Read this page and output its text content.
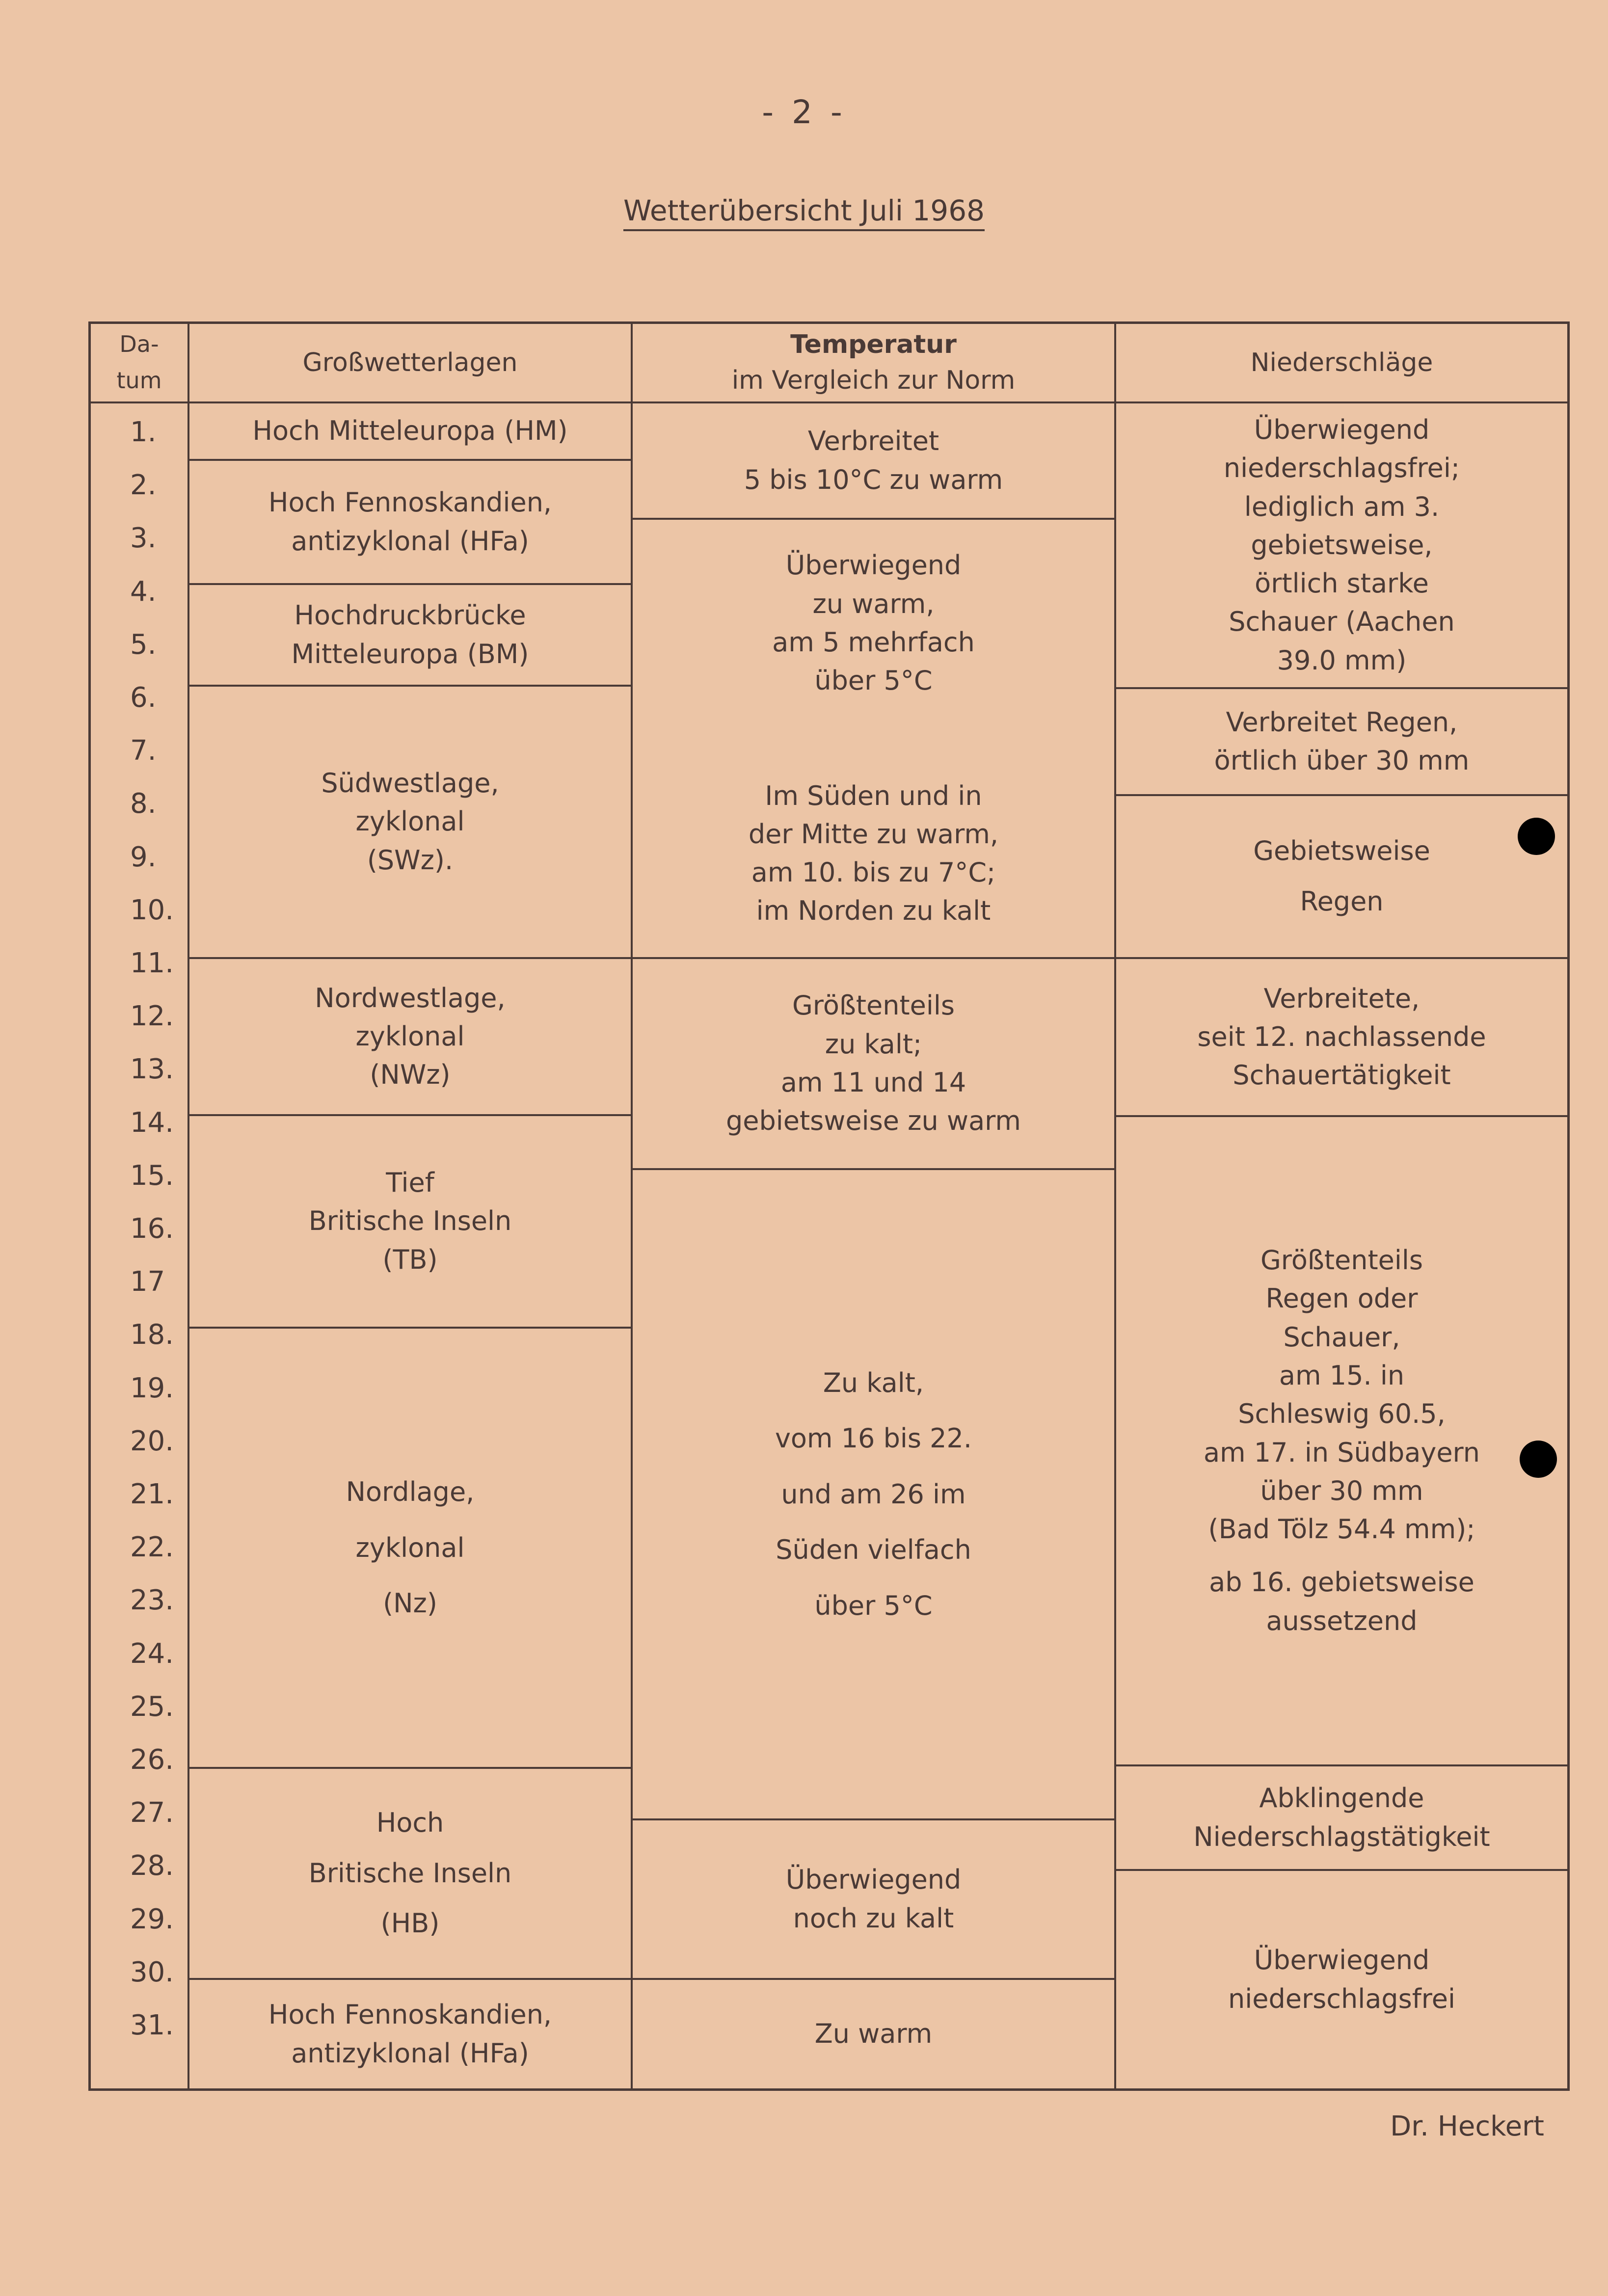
- 2 -
Wetterübersicht Juli 1968
Da-
tum
Großwetterlagen
Temperatur
im Vergleich zur Norm
Niederschläge
1.
2.
3.
4.
5.
6.
7.
8.
9.
10.
11.
12.
13.
14.
15.
16.
17
18.
19.
20.
21.
22.
23.
24.
25.
26.
27.
28.
29.
30.
31.
Hoch Mitteleuropa (HM)
Hoch Fennoskandien,
antizyklonal (HFa)
Hochdruckbrücke
Mitteleuropa (BM)
Südwestlage,
zyklonal
(SWz).
Nordwestlage,
zyklonal
(NWz)
Tief
Britische Inseln
(TB)
Nordlage,
zyklonal
(Nz)
Hoch
Britische Inseln
(HB)
Hoch Fennoskandien,
antizyklonal (HFa)
Verbreitet
5 bis 10°C zu warm
Überwiegend
zu warm,
am 5 mehrfach
über 5°C
Im Süden und in
der Mitte zu warm,
am 10. bis zu 7°C;
im Norden zu kalt
Größtenteils
zu kalt;
am 11 und 14
gebietsweise zu warm
Zu kalt,
vom 16 bis 22.
und am 26 im
Süden vielfach
über 5°C
Überwiegend
noch zu kalt
Zu warm
Überwiegend
niederschlagsfrei;
lediglich am 3.
gebietsweise,
örtlich starke
Schauer (Aachen
39.0 mm)
Verbreitet Regen,
örtlich über 30 mm
Gebietsweise
Regen
Verbreitete,
seit 12. nachlassende
Schauertätigkeit
Größtenteils
Regen oder
Schauer,
am 15. in
Schleswig 60.5,
am 17. in Südbayern
über 30 mm
(Bad Tölz 54.4 mm);
ab 16. gebietsweise
aussetzend
Abklingende
Niederschlagstätigkeit
Überwiegend
niederschlagsfrei
Dr. Heckert
